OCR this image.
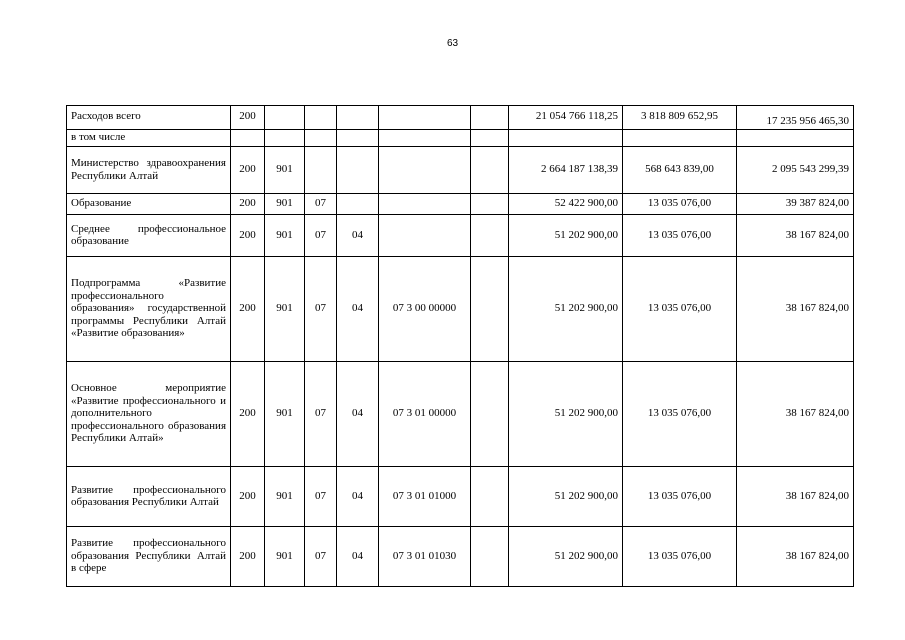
63
Расходов всего	200						21 054 766 118,25	3 818 809 652,95	17 235 956 465,30
в том числе									
Министерство здравоохранения Республики Алтай	200	901					2 664 187 138,39	568 643 839,00	2 095 543 299,39
Образование	200	901	07				52 422 900,00	13 035 076,00	39 387 824,00
Среднее профессиональное образование	200	901	07	04			51 202 900,00	13 035 076,00	38 167 824,00
Подпрограмма «Развитие профессионального образования» государственной программы Республики Алтай «Развитие образования»	200	901	07	04	07 3 00 00000		51 202 900,00	13 035 076,00	38 167 824,00
Основное мероприятие «Развитие профессионального и дополнительного профессионального образования Республики Алтай»	200	901	07	04	07 3 01 00000		51 202 900,00	13 035 076,00	38 167 824,00
Развитие профессионального образования Республики Алтай	200	901	07	04	07 3 01 01000		51 202 900,00	13 035 076,00	38 167 824,00
Развитие профессионального образования Республики Алтай в сфере	200	901	07	04	07 3 01 01030		51 202 900,00	13 035 076,00	38 167 824,00
